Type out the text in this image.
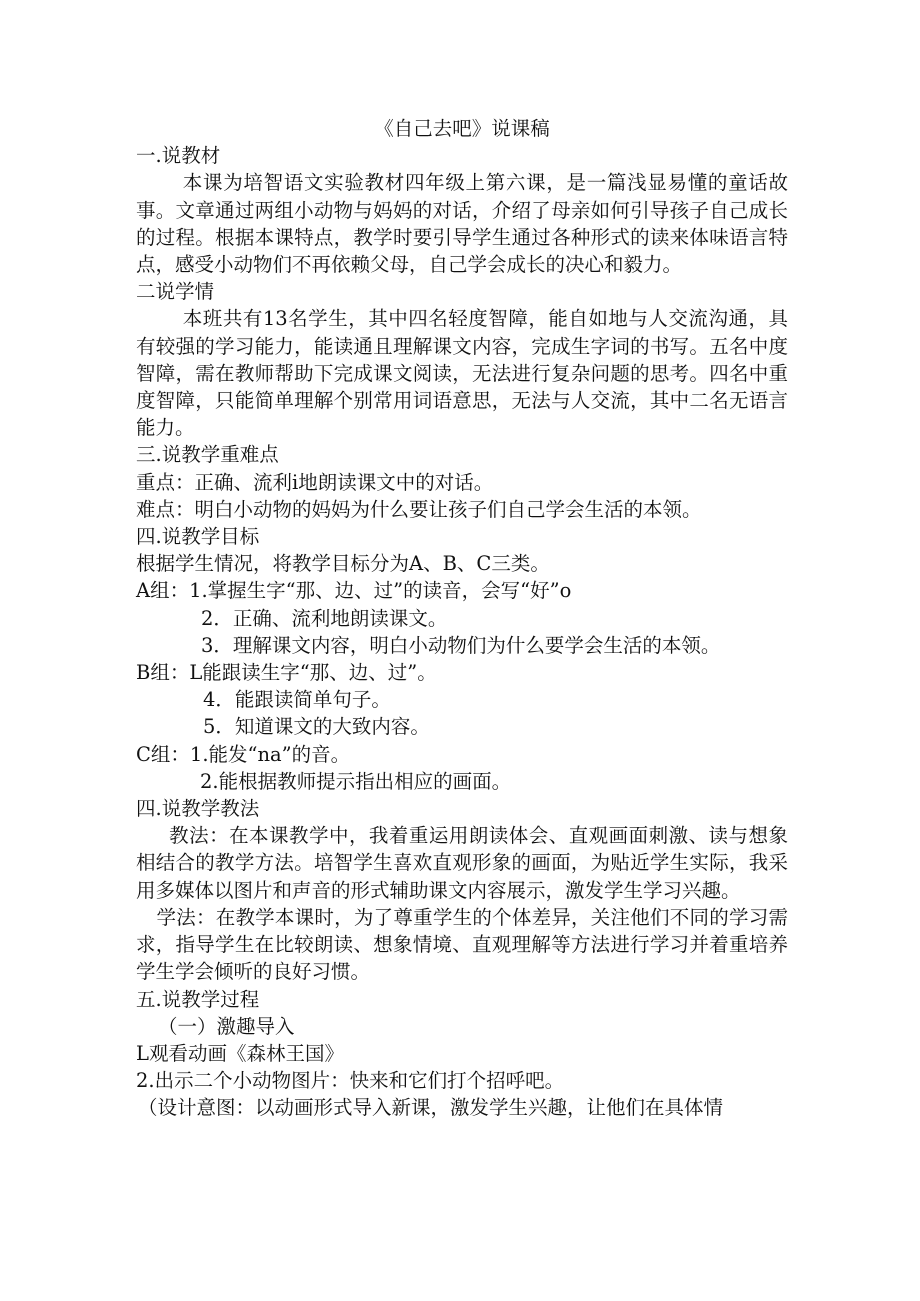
《自己去吧》说课稿

一.说教材

本课为培智语文实验教材四年级上第六课，是一篇浅显易懂的童话故事。文章通过两组小动物与妈妈的对话，介绍了母亲如何引导孩子自己成长的过程。根据本课特点，教学时要引导学生通过各种形式的读来体味语言特点，感受小动物们不再依赖父母，自己学会成长的决心和毅力。

二说学情

本班共有13名学生，其中四名轻度智障，能自如地与人交流沟通，具有较强的学习能力，能读通且理解课文内容，完成生字词的书写。五名中度智障，需在教师帮助下完成课文阅读，无法进行复杂问题的思考。四名中重度智障，只能简单理解个别常用词语意思，无法与人交流，其中二名无语言能力。

三.说教学重难点

重点：正确、流利i地朗读课文中的对话。

难点：明白小动物的妈妈为什么要让孩子们自己学会生活的本领。

四.说教学目标

根据学生情况，将教学目标分为A、B、C三类。

A组：1.掌握生字“那、边、过”的读音，会写“好”o

2．正确、流利地朗读课文。

3．理解课文内容，明白小动物们为什么要学会生活的本领。

B组：L能跟读生字“那、边、过”。

4．能跟读简单句子。

5．知道课文的大致内容。

C组：1.能发“na”的音。

2.能根据教师提示指出相应的画面。

四.说教学教法

教法：在本课教学中，我着重运用朗读体会、直观画面刺激、读与想象相结合的教学方法。培智学生喜欢直观形象的画面，为贴近学生实际，我采用多媒体以图片和声音的形式辅助课文内容展示，激发学生学习兴趣。

学法：在教学本课时，为了尊重学生的个体差异，关注他们不同的学习需求，指导学生在比较朗读、想象情境、直观理解等方法进行学习并着重培养学生学会倾听的良好习惯。

五.说教学过程

（一）激趣导入

L观看动画《森林王国》

2.出示二个小动物图片：快来和它们打个招呼吧。

（设计意图：以动画形式导入新课，激发学生兴趣，让他们在具体情
